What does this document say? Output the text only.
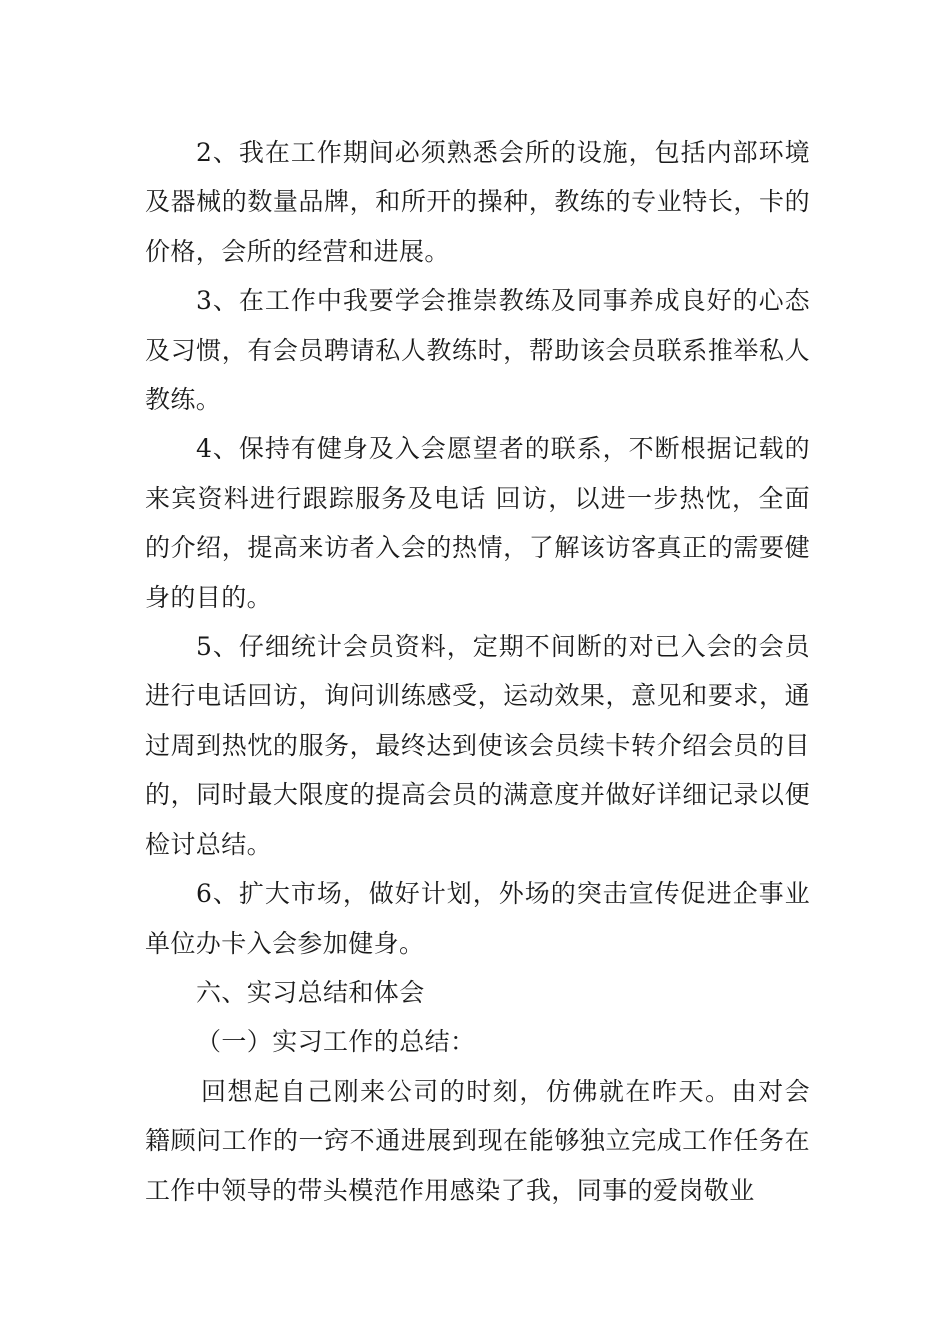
2、我在工作期间必须熟悉会所的设施，包括内部环境及器械的数量品牌，和所开的操种，教练的专业特长，卡的价格，会所的经营和进展。

3、在工作中我要学会推崇教练及同事养成良好的心态及习惯，有会员聘请私人教练时，帮助该会员联系推举私人教练。

4、保持有健身及入会愿望者的联系，不断根据记载的来宾资料进行跟踪服务及电话 回访，以进一步热忱，全面的介绍，提高来访者入会的热情，了解该访客真正的需要健身的目的。

5、仔细统计会员资料，定期不间断的对已入会的会员进行电话回访，询问训练感受，运动效果，意见和要求，通过周到热忱的服务，最终达到使该会员续卡转介绍会员的目的，同时最大限度的提高会员的满意度并做好详细记录以便检讨总结。

6、扩大市场，做好计划，外场的突击宣传促进企事业单位办卡入会参加健身。

六、实习总结和体会

（一）实习工作的总结：

回想起自己刚来公司的时刻，仿佛就在昨天。由对会籍顾问工作的一窍不通进展到现在能够独立完成工作任务在工作中领导的带头模范作用感染了我，同事的爱岗敬业
